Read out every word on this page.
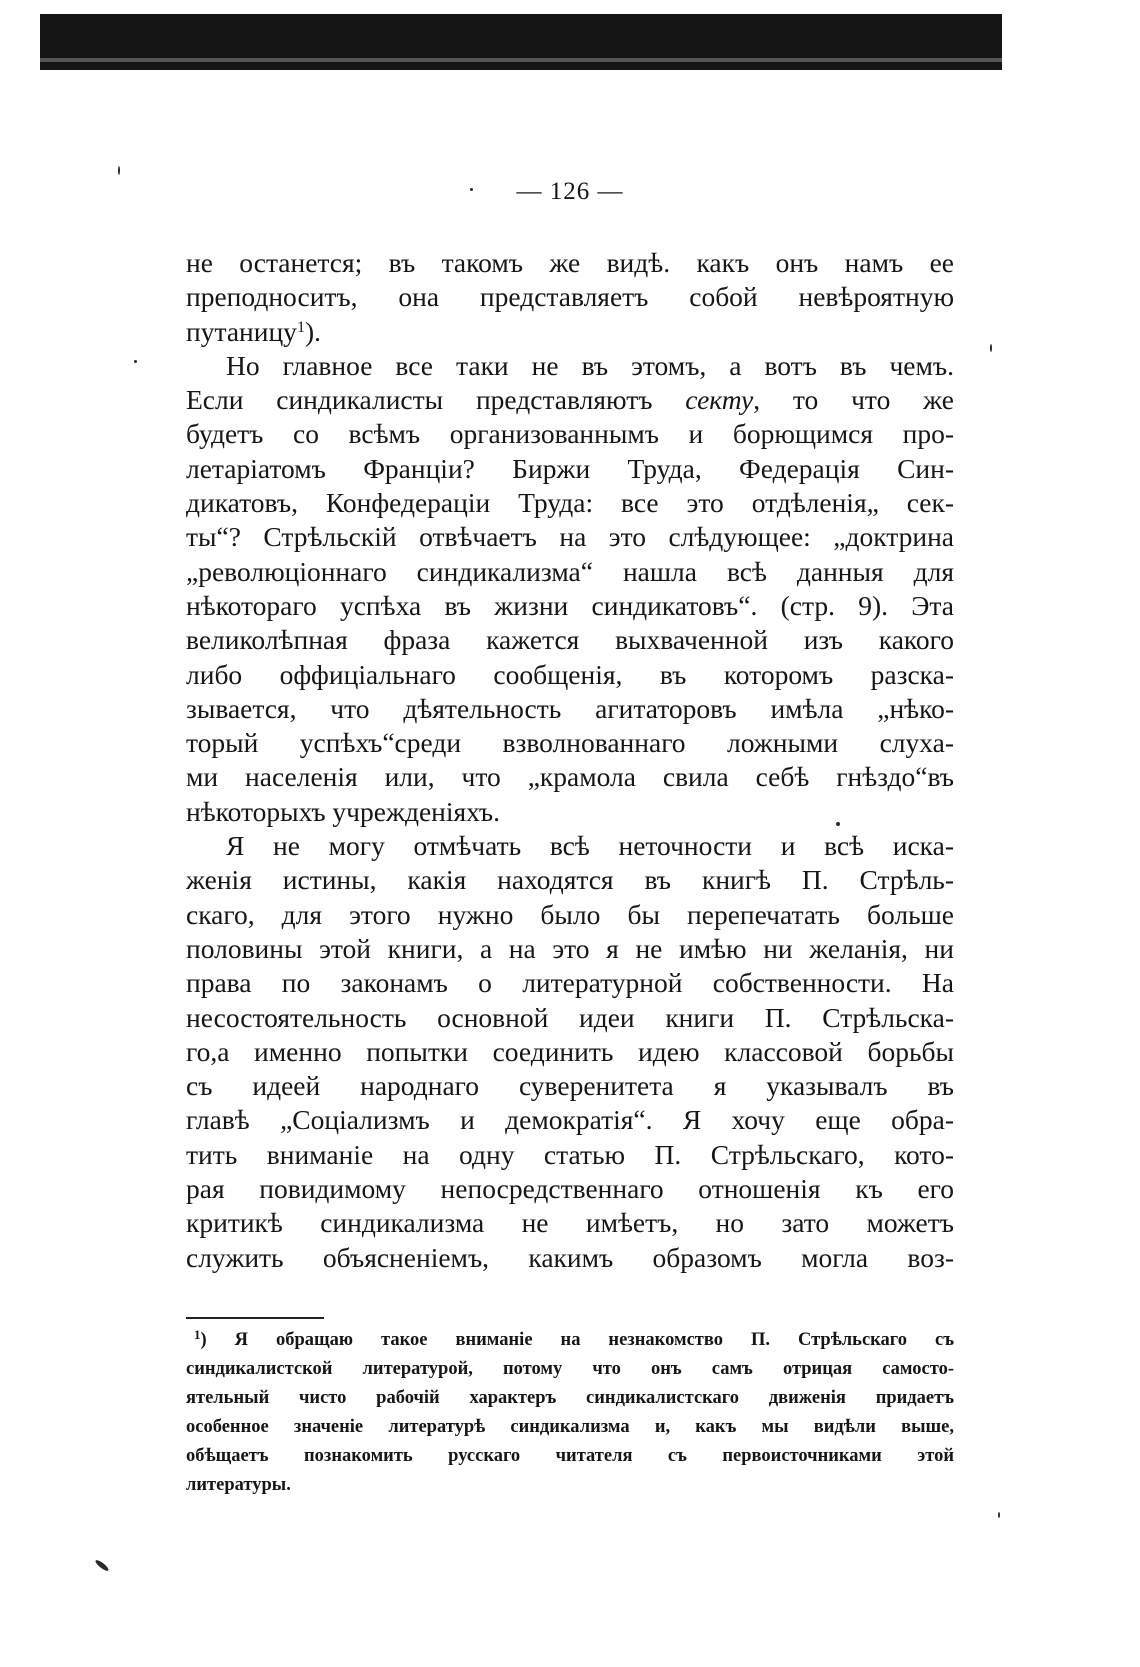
— 126 —
не останется; въ такомъ же видѣ. какъ онъ намъ ее
преподноситъ, она представляетъ собой невѣроятную
путаницу$^1$).
Но главное все таки не въ этомъ, а вотъ въ чемъ.
Если синдикалисты представляютъ секту, то что же
будетъ со всѣмъ организованнымъ и борющимся про-
летаріатомъ Франціи? Биржи Труда, Федерація Син-
дикатовъ, Конфедераціи Труда: все это отдѣленія„ сек-
ты“? Стрѣльскій отвѣчаетъ на это слѣдующее: „доктрина
„революціоннаго синдикализма“ нашла всѣ данныя для
нѣкотораго успѣха въ жизни синдикатовъ“. (стр. 9). Эта
великолѣпная фраза кажется выхваченной изъ какого
либо оффиціальнаго сообщенія, въ которомъ разска-
зывается, что дѣятельность агитаторовъ имѣла „нѣко-
торый успѣхъ“среди взволнованнаго ложными слуха-
ми населенія или, что „крамола свила себѣ гнѣздо“въ
нѣкоторыхъ учрежденіяхъ.
Я не могу отмѣчать всѣ неточности и всѣ иска-
женія истины, какія находятся въ книгѣ П. Стрѣль-
скаго, для этого нужно было бы перепечатать больше
половины этой книги, а на это я не имѣю ни желанія, ни
права по законамъ о литературной собственности. На
несостоятельность основной идеи книги П. Стрѣльска-
го,а именно попытки соединить идею классовой борьбы
съ идеей народнаго суверенитета я указывалъ въ
главѣ „Соціализмъ и демократія“. Я хочу еще обра-
тить вниманіе на одну статью П. Стрѣльскаго, кото-
рая повидимому непосредственнаго отношенія къ его
критикѣ синдикализма не имѣетъ, но зато можетъ
служить объясненіемъ, какимъ образомъ могла воз-
$^1$) Я обращаю такое вниманіе на незнакомство П. Стрѣльскаго съ
синдикалистской литературой, потому что онъ самъ отрицая самосто-
ятельный чисто рабочій характеръ синдикалистскаго движенія придаетъ
особенное значеніе литературѣ синдикализма и, какъ мы видѣли выше,
обѣщаетъ познакомить русскаго читателя съ первоисточниками этой
литературы.
